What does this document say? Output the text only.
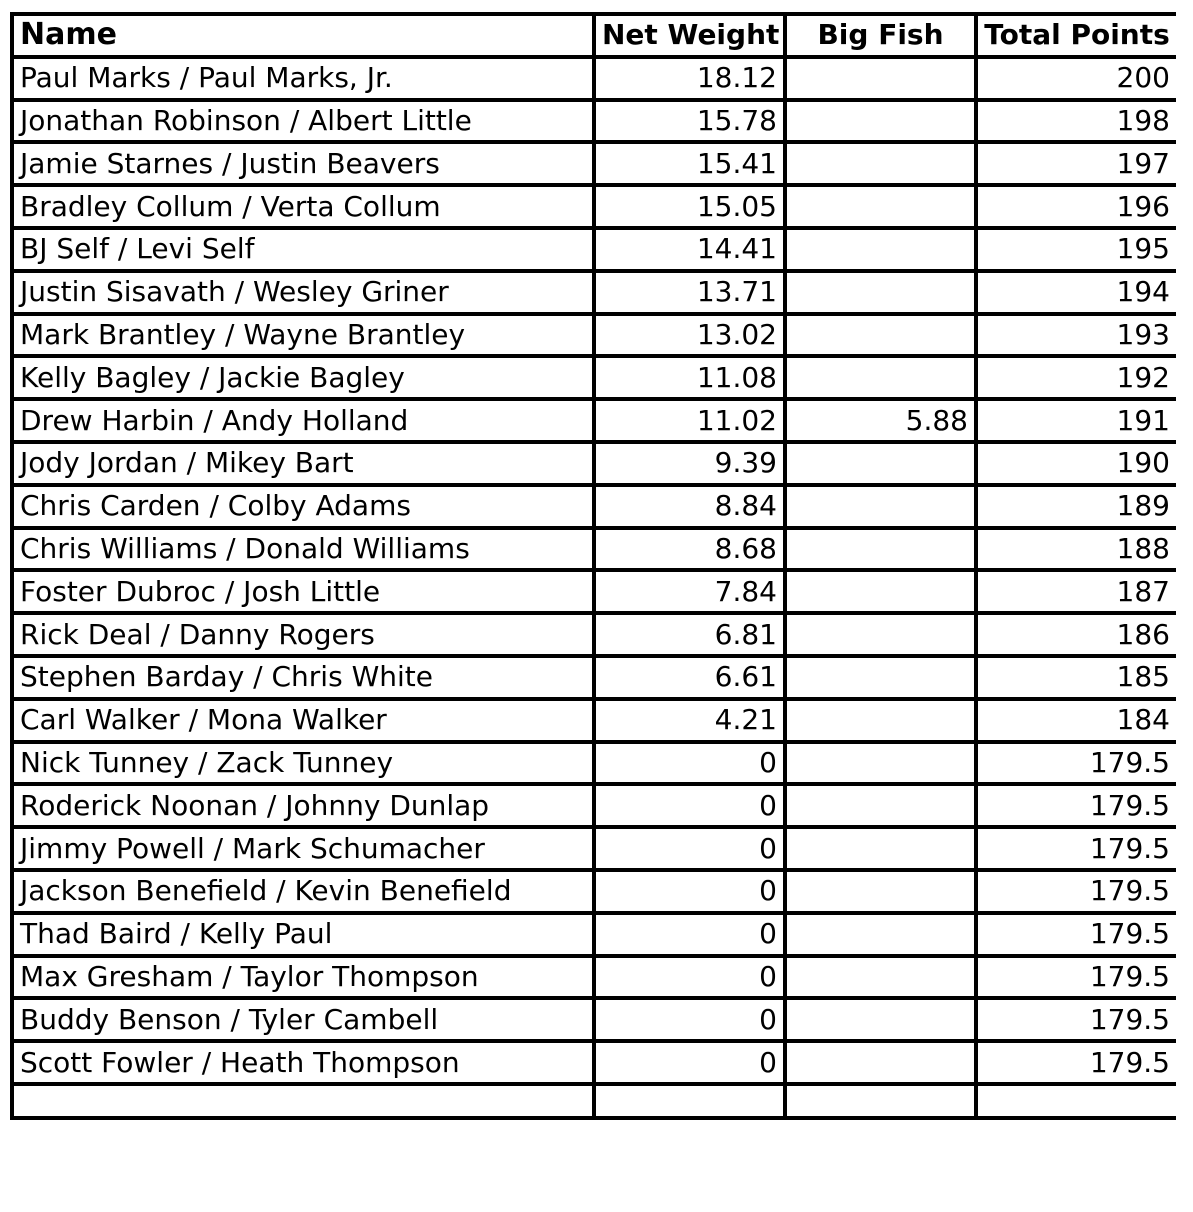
Name	Net Weight	Big Fish	Total Points
Paul Marks / Paul Marks, Jr.	18.12		200
Jonathan Robinson / Albert Little	15.78		198
Jamie Starnes / Justin Beavers	15.41		197
Bradley Collum / Verta Collum	15.05		196
BJ Self / Levi Self	14.41		195
Justin Sisavath / Wesley Griner	13.71		194
Mark Brantley / Wayne Brantley	13.02		193
Kelly Bagley / Jackie Bagley	11.08		192
Drew Harbin / Andy Holland	11.02	5.88	191
Jody Jordan / Mikey Bart	9.39		190
Chris Carden / Colby Adams	8.84		189
Chris Williams / Donald Williams	8.68		188
Foster Dubroc / Josh Little	7.84		187
Rick Deal / Danny Rogers	6.81		186
Stephen Barday / Chris White	6.61		185
Carl Walker / Mona Walker	4.21		184
Nick Tunney / Zack Tunney	0		179.5
Roderick Noonan / Johnny Dunlap	0		179.5
Jimmy Powell / Mark Schumacher	0		179.5
Jackson Benefield / Kevin Benefield	0		179.5
Thad Baird / Kelly Paul	0		179.5
Max Gresham / Taylor Thompson	0		179.5
Buddy Benson / Tyler Cambell	0		179.5
Scott Fowler / Heath Thompson	0		179.5
